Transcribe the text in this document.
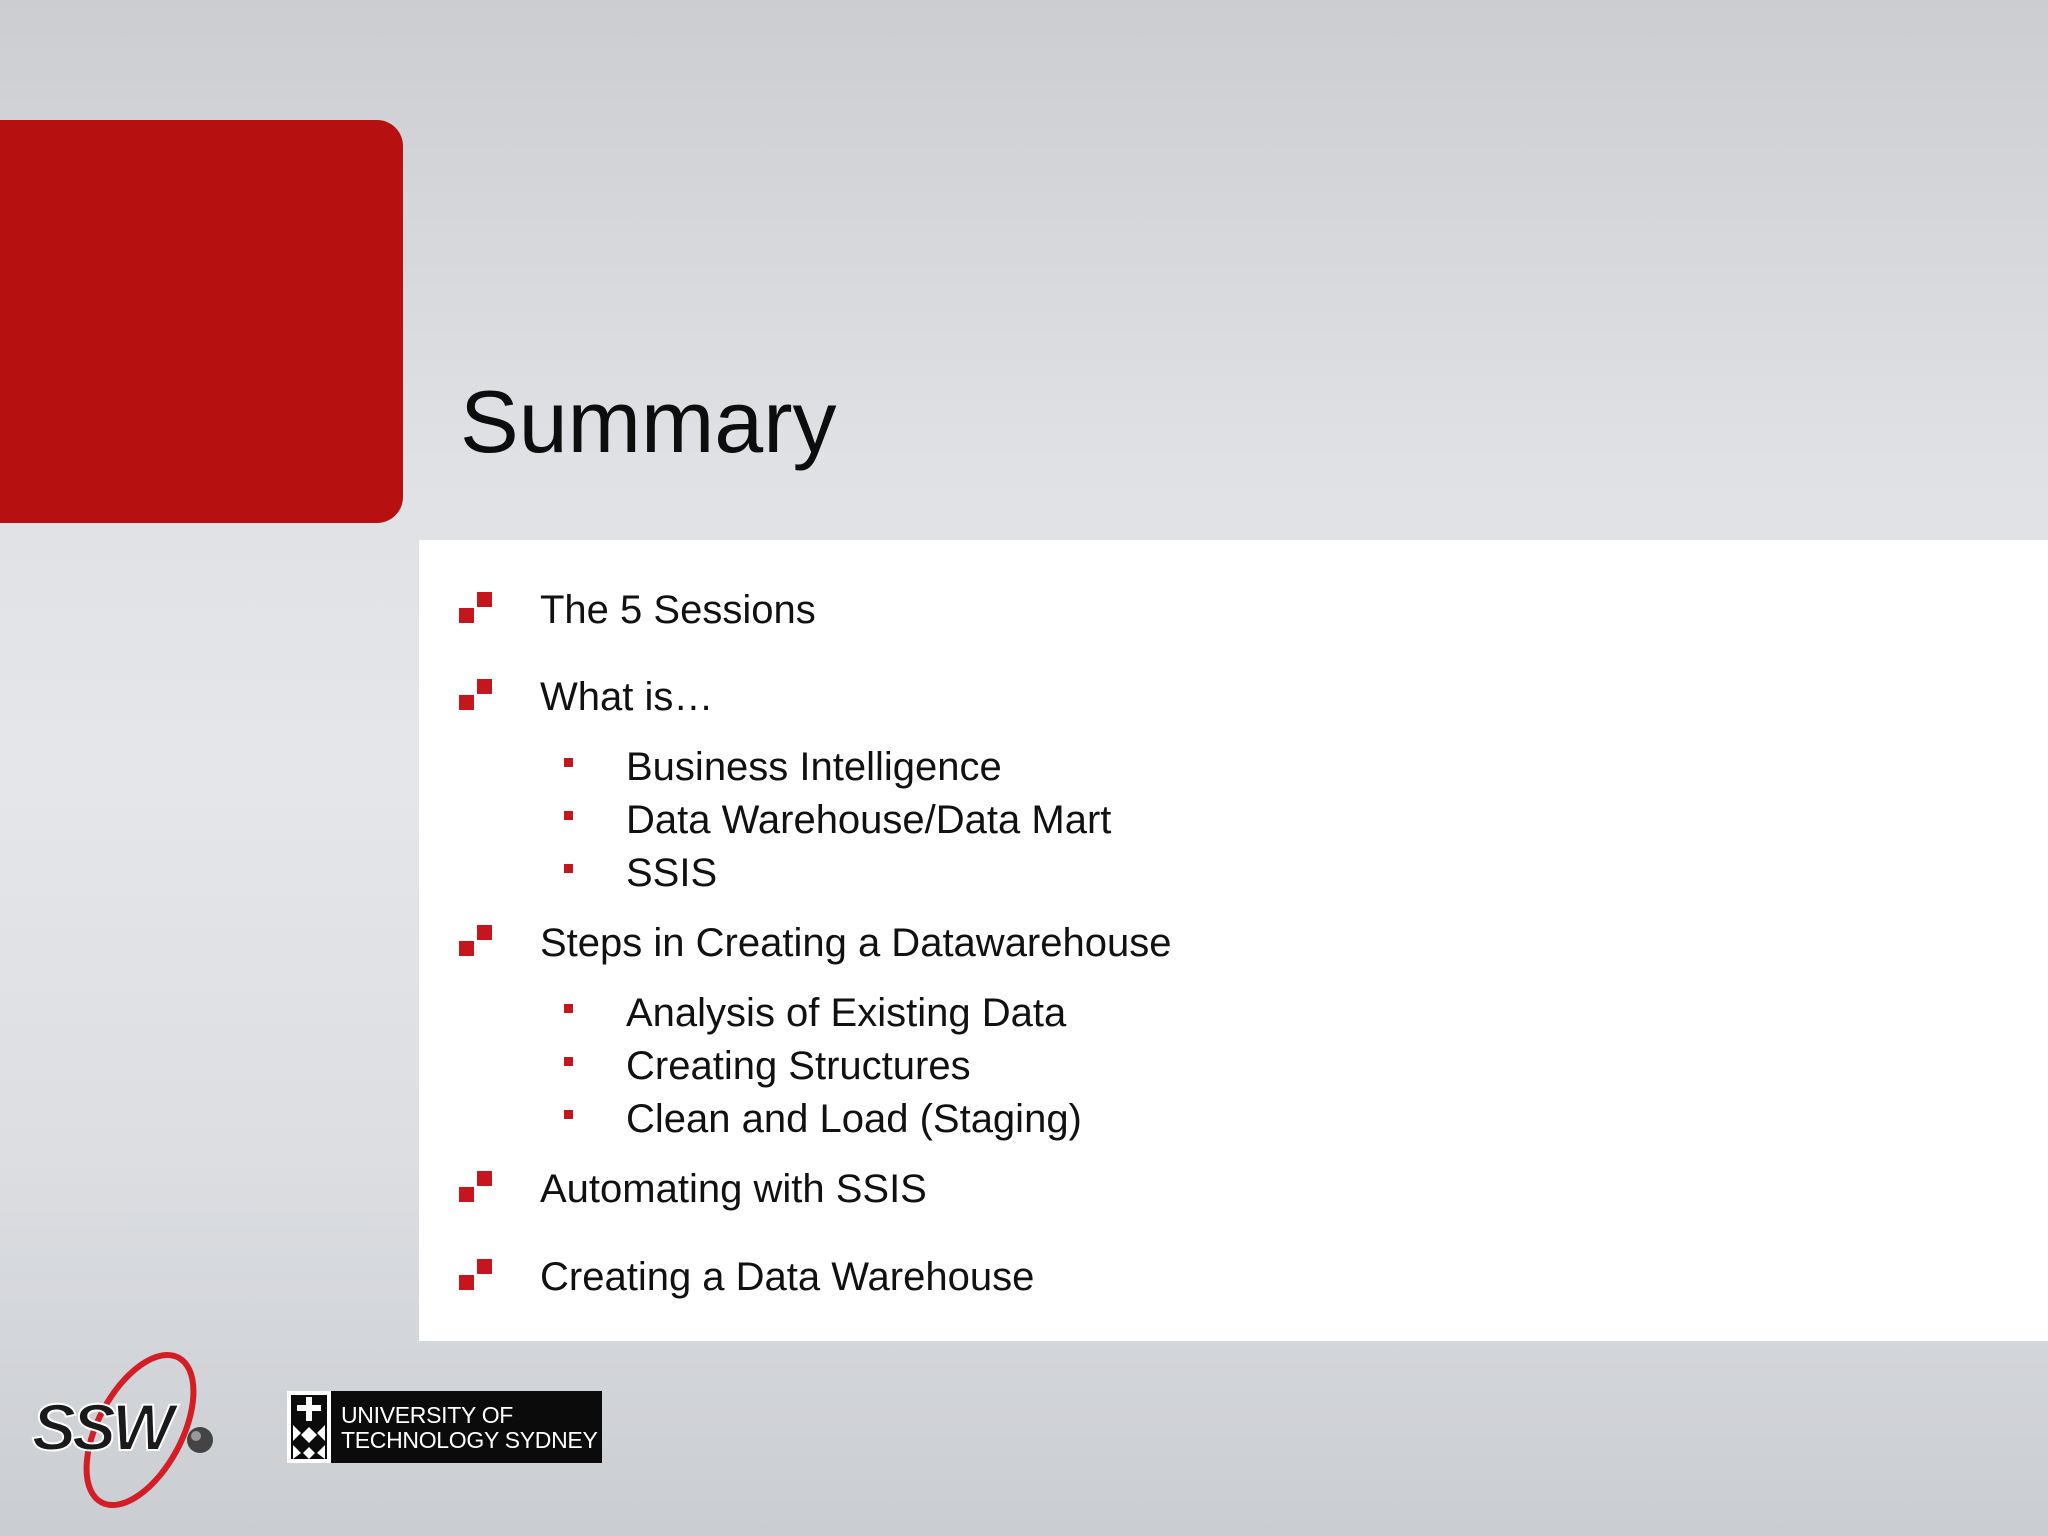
Summary
The 5 Sessions
What is…
Business Intelligence
Data Warehouse/Data Mart
SSIS
Steps in Creating a Datawarehouse
Analysis of Existing Data
Creating Structures
Clean and Load (Staging)
Automating with SSIS
Creating a Data Warehouse
SSW	UNIVERSITY OF
TECHNOLOGY SYDNEY
